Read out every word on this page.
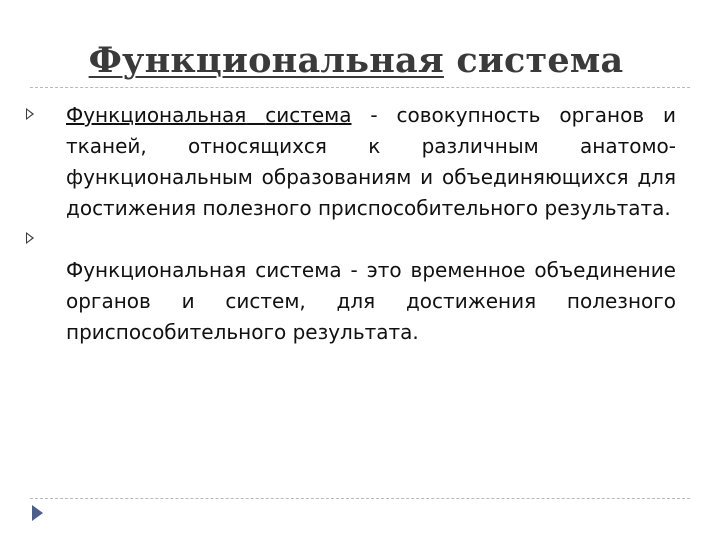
Функциональная система
Функциональная система - совокупность органов и тканей, относящихся к различным анатомо-функциональным образованиям и объединяющихся для достижения полезного приспособительного результата.
Функциональная система - это временное объединение органов и систем, для достижения полезного приспособительного результата.
